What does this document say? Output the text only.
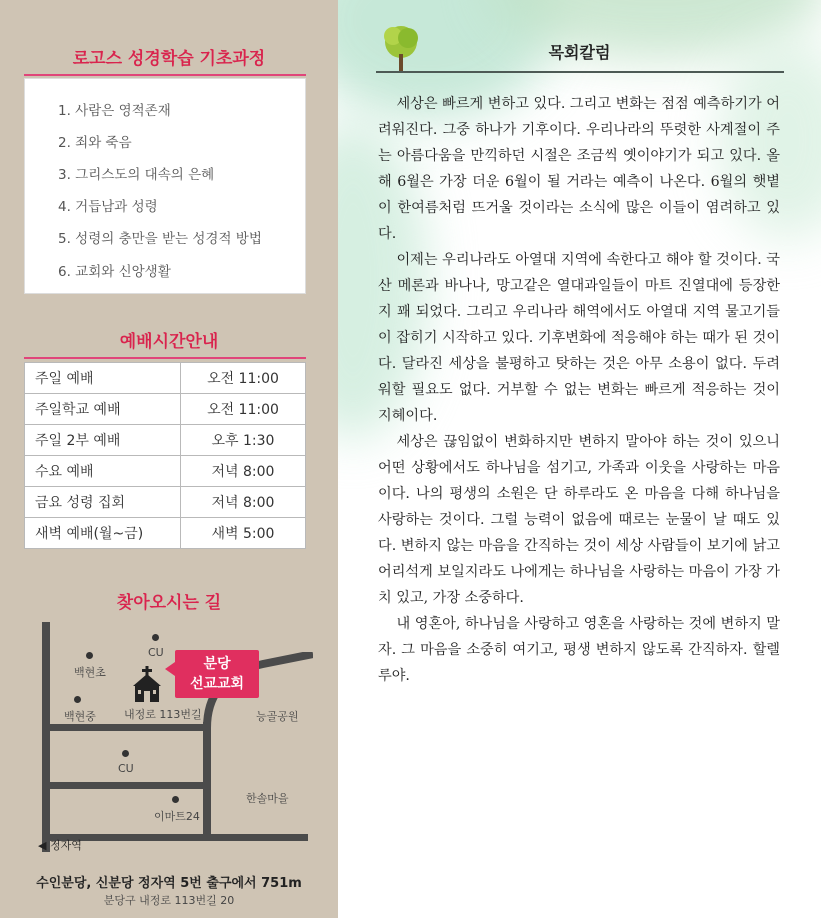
로고스 성경학습 기초과정
1. 사람은 영적존재
2. 죄와 죽음
3. 그리스도의 대속의 은혜
4. 거듭남과 성령
5. 성령의 충만을 받는 성경적 방법
6. 교회와 신앙생활
예배시간안내
주일 예배	오전 11:00
주일학교 예배	오전 11:00
주일 2부 예배	오후 1:30
수요 예배	저녁 8:00
금요 성령 집회	저녁 8:00
새벽 예배(월~금)	새벽 5:00
찾아오시는 길
CU
백현초
백현중
분당
선교교회
내정로 113번길	능골공원
CU
한솔마을
이마트24
◀ 정자역
수인분당, 신분당 정자역 5번 출구에서 751m
분당구 내정로 113번길 20
목회칼럼

세상은 빠르게 변하고 있다. 그리고 변화는 점점 예측하기가 어려워진다. 그중 하나가 기후이다. 우리나라의 뚜렷한 사계절이 주는 아름다움을 만끽하던 시절은 조금씩 옛이야기가 되고 있다. 올해 6월은 가장 더운 6월이 될 거라는 예측이 나온다. 6월의 햇볕이 한여름처럼 뜨거울 것이라는 소식에 많은 이들이 염려하고 있다.

이제는 우리나라도 아열대 지역에 속한다고 해야 할 것이다. 국산 메론과 바나나, 망고같은 열대과일들이 마트 진열대에 등장한 지 꽤 되었다. 그리고 우리나라 해역에서도 아열대 지역 물고기들이 잡히기 시작하고 있다. 기후변화에 적응해야 하는 때가 된 것이다. 달라진 세상을 불평하고 탓하는 것은 아무 소용이 없다. 두려워할 필요도 없다. 거부할 수 없는 변화는 빠르게 적응하는 것이 지혜이다.

세상은 끊임없이 변화하지만 변하지 말아야 하는 것이 있으니 어떤 상황에서도 하나님을 섬기고, 가족과 이웃을 사랑하는 마음이다. 나의 평생의 소원은 단 하루라도 온 마음을 다해 하나님을 사랑하는 것이다. 그럴 능력이 없음에 때로는 눈물이 날 때도 있다. 변하지 않는 마음을 간직하는 것이 세상 사람들이 보기에 낡고 어리석게 보일지라도 나에게는 하나님을 사랑하는 마음이 가장 가치 있고, 가장 소중하다.

내 영혼아, 하나님을 사랑하고 영혼을 사랑하는 것에 변하지 말자. 그 마음을 소중히 여기고, 평생 변하지 않도록 간직하자. 할렐루야.
